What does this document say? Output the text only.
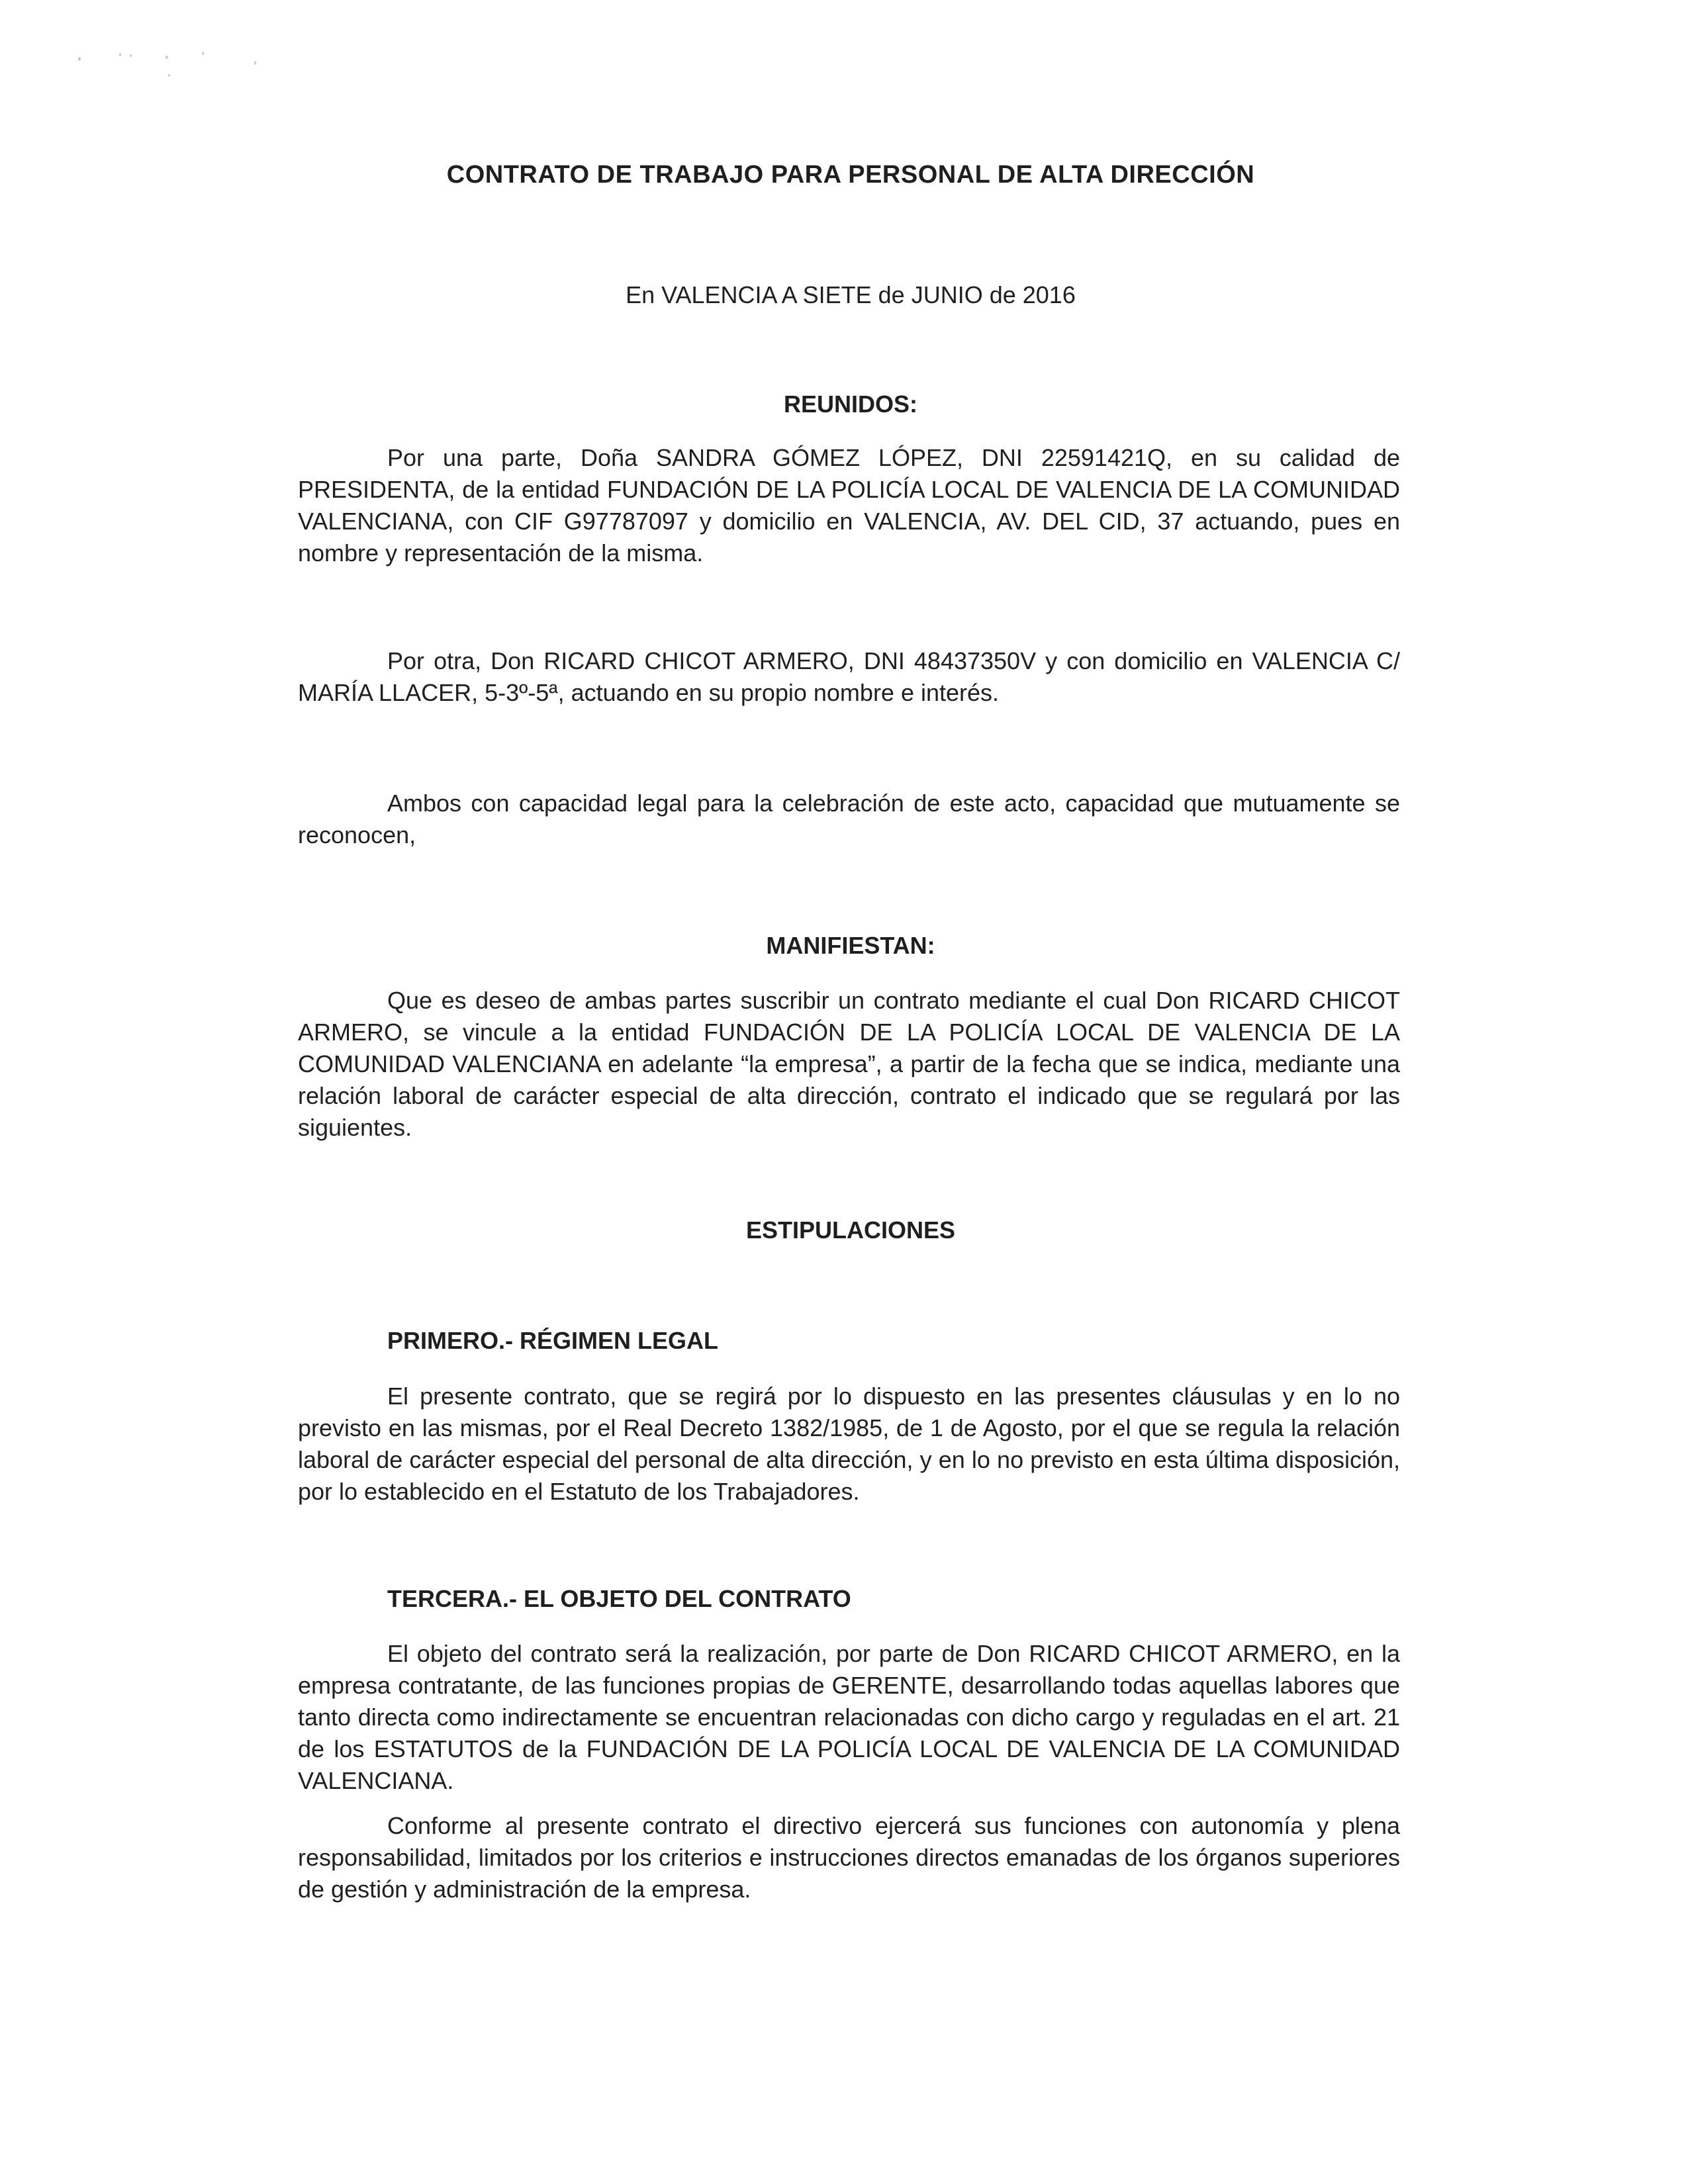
CONTRATO DE TRABAJO PARA PERSONAL DE ALTA DIRECCIÓN
En VALENCIA A SIETE de JUNIO de 2016
REUNIDOS:

Por una parte, Doña SANDRA GÓMEZ LÓPEZ, DNI 22591421Q, en su calidad de PRESIDENTA, de la entidad FUNDACIÓN DE LA POLICÍA LOCAL DE VALENCIA DE LA COMUNIDAD VALENCIANA, con CIF G97787097 y domicilio en VALENCIA, AV. DEL CID, 37 actuando, pues en nombre y representación de la misma.

Por otra, Don RICARD CHICOT ARMERO, DNI 48437350V y con domicilio en VALENCIA C/ MARÍA LLACER, 5-3º-5ª, actuando en su propio nombre e interés.

Ambos con capacidad legal para la celebración de este acto, capacidad que mutuamente se reconocen,

MANIFIESTAN:

Que es deseo de ambas partes suscribir un contrato mediante el cual Don RICARD CHICOT ARMERO, se vincule a la entidad FUNDACIÓN DE LA POLICÍA LOCAL DE VALENCIA DE LA COMUNIDAD VALENCIANA en adelante “la empresa”, a partir de la fecha que se indica, mediante una relación laboral de carácter especial de alta dirección, contrato el indicado que se regulará por las siguientes.

ESTIPULACIONES
PRIMERO.- RÉGIMEN LEGAL

El presente contrato, que se regirá por lo dispuesto en las presentes cláusulas y en lo no previsto en las mismas, por el Real Decreto 1382/1985, de 1 de Agosto, por el que se regula la relación laboral de carácter especial del personal de alta dirección, y en lo no previsto en esta última disposición, por lo establecido en el Estatuto de los Trabajadores.

TERCERA.- EL OBJETO DEL CONTRATO

El objeto del contrato será la realización, por parte de Don RICARD CHICOT ARMERO, en la empresa contratante, de las funciones propias de GERENTE, desarrollando todas aquellas labores que tanto directa como indirectamente se encuentran relacionadas con dicho cargo y reguladas en el art. 21 de los ESTATUTOS de la FUNDACIÓN DE LA POLICÍA LOCAL DE VALENCIA DE LA COMUNIDAD VALENCIANA.

Conforme al presente contrato el directivo ejercerá sus funciones con autonomía y plena responsabilidad, limitados por los criterios e instrucciones directos emanadas de los órganos superiores de gestión y administración de la empresa.
